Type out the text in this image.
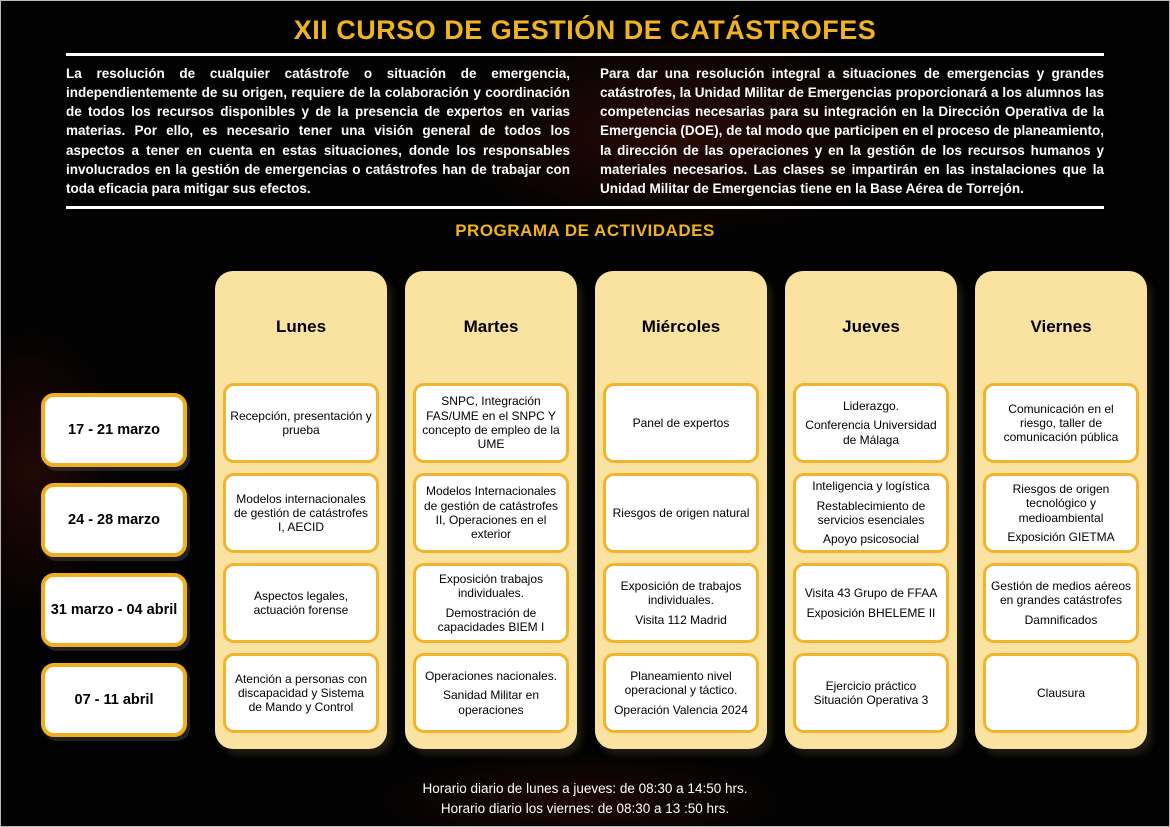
XII CURSO DE GESTIÓN DE CATÁSTROFES

La resolución de cualquier catástrofe o situación de emergencia, independientemente de su origen, requiere de la colaboración y coordinación de todos los recursos disponibles y de la presencia de expertos en varias materias. Por ello, es necesario tener una visión general de todos los aspectos a tener en cuenta en estas situaciones, donde los responsables involucrados en la gestión de emergencias o catástrofes han de trabajar con toda eficacia para mitigar sus efectos.

Para dar una resolución integral a situaciones de emergencias y grandes catástrofes, la Unidad Militar de Emergencias proporcionará a los alumnos las competencias necesarias para su integración en la Dirección Operativa de la Emergencia (DOE), de tal modo que participen en el proceso de planeamiento, la dirección de las operaciones y en la gestión de los recursos humanos y materiales necesarios. Las clases se impartirán en las instalaciones que la Unidad Militar de Emergencias tiene en la Base Aérea de Torrejón.

PROGRAMA DE ACTIVIDADES
17 - 21 marzo
24 - 28 marzo
31 marzo - 04 abril
07 - 11 abril
Lunes

Recepción, presentación y prueba

Modelos internacionales de gestión de catástrofes I, AECID

Aspectos legales, actuación forense

Atención a personas con discapacidad y Sistema de Mando y Control

Martes

SNPC, Integración FAS/UME en el SNPC Y concepto de empleo de la UME

Modelos Internacionales de gestión de catástrofes II, Operaciones en el exterior

Exposición trabajos individuales.

Demostración de capacidades BIEM I

Operaciones nacionales.

Sanidad Militar en operaciones

Miércoles

Panel de expertos

Riesgos de origen natural

Exposición de trabajos individuales.

Visita 112 Madrid

Planeamiento nivel operacional y táctico.

Operación Valencia 2024

Jueves

Liderazgo.

Conferencia Universidad de Málaga

Inteligencia y logística

Restablecimiento de servicios esenciales

Apoyo psicosocial

Visita 43 Grupo de FFAA

Exposición BHELEME II

Ejercicio práctico Situación Operativa 3

Viernes

Comunicación en el riesgo, taller de comunicación pública

Riesgos de origen tecnológico y medioambiental

Exposición GIETMA

Gestión de medios aéreos en grandes catástrofes

Damnificados

Clausura

Horario diario de lunes a jueves: de 08:30 a 14:50 hrs.
Horario diario los viernes: de 08:30 a 13 :50 hrs.
